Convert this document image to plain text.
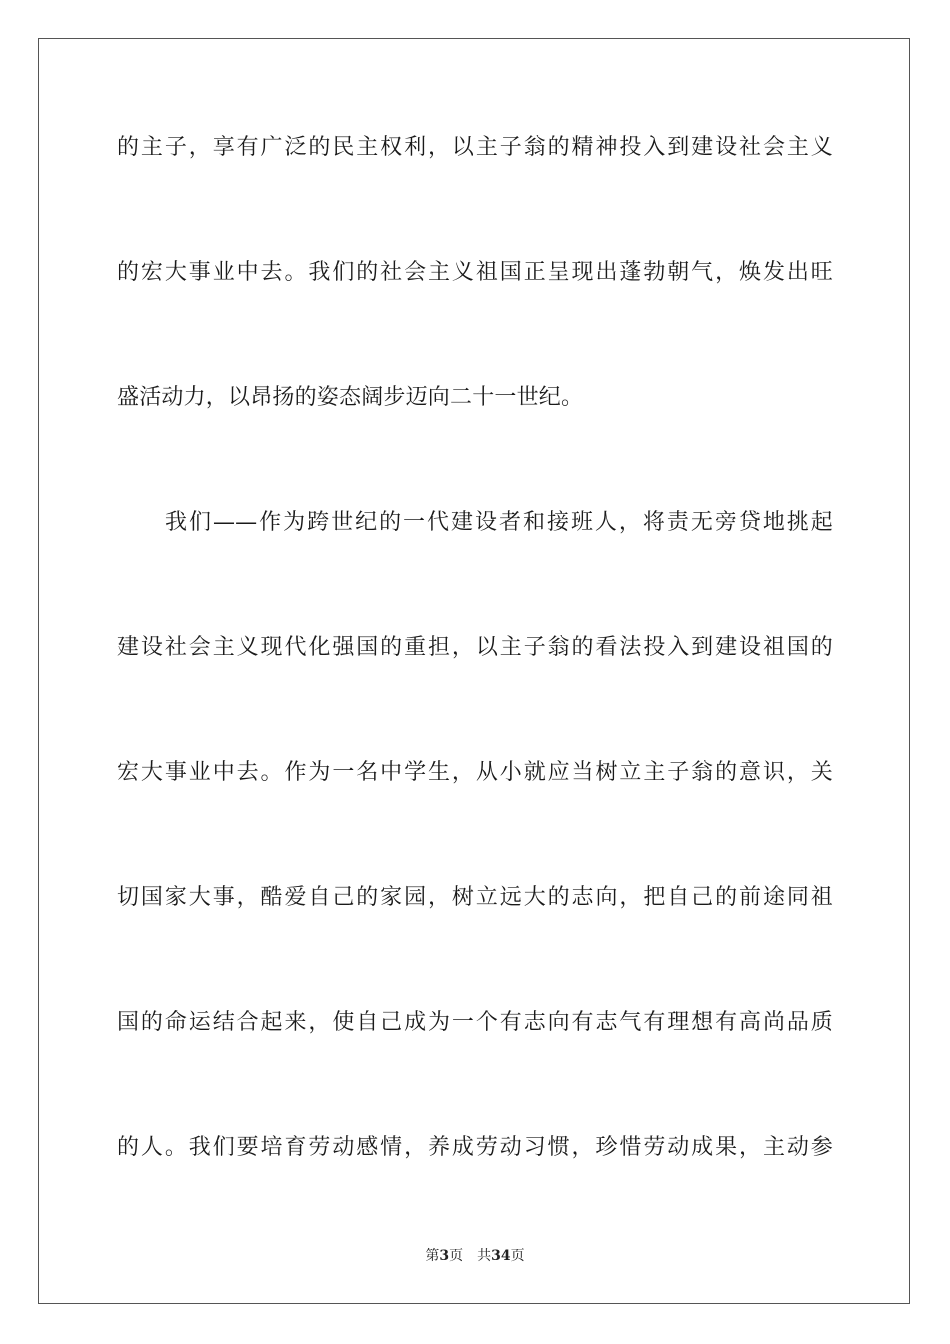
的主子，享有广泛的民主权利，以主子翁的精神投入到建设社会主义
的宏大事业中去。我们的社会主义祖国正呈现出蓬勃朝气，焕发出旺
盛活动力，以昂扬的姿态阔步迈向二十一世纪。
我们——作为跨世纪的一代建设者和接班人，将责无旁贷地挑起
建设社会主义现代化强国的重担，以主子翁的看法投入到建设祖国的
宏大事业中去。作为一名中学生，从小就应当树立主子翁的意识，关
切国家大事，酷爱自己的家园，树立远大的志向，把自己的前途同祖
国的命运结合起来，使自己成为一个有志向有志气有理想有高尚品质
的人。我们要培育劳动感情，养成劳动习惯，珍惜劳动成果，主动参
第3页 共34页
